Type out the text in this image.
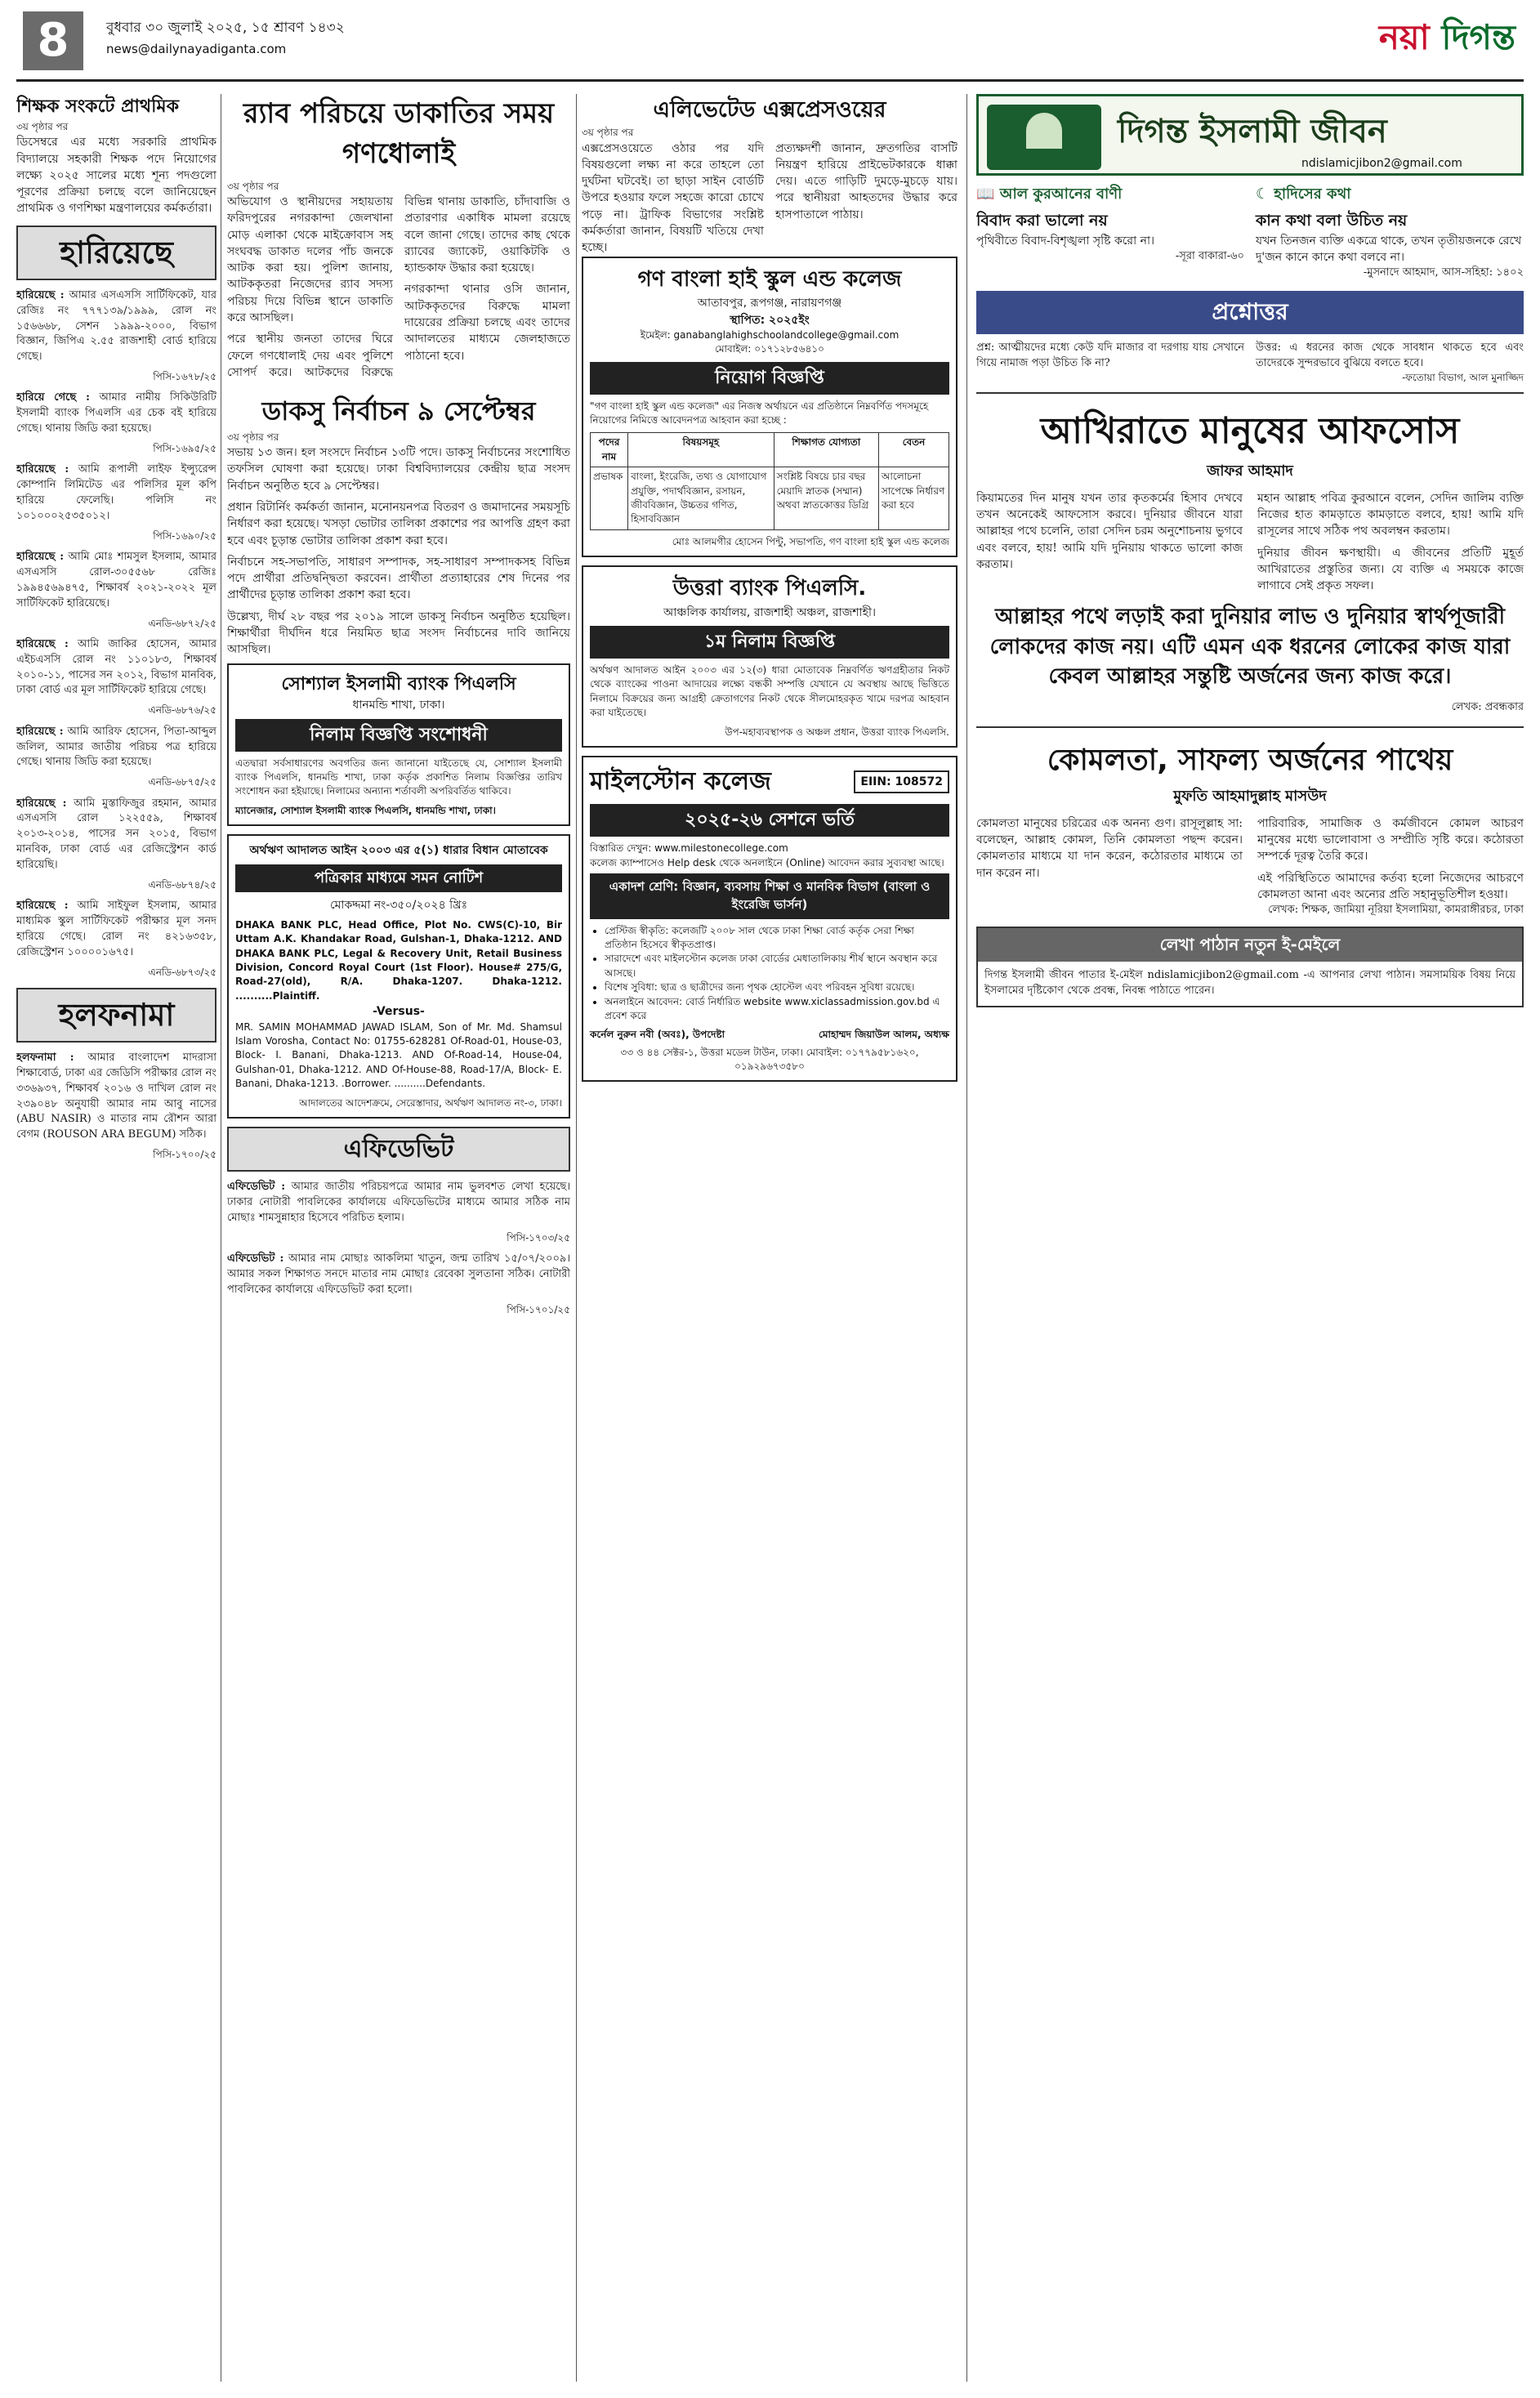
8	বুধবার ৩০ জুলাই ২০২৫, ১৫ শ্রাবণ ১৪৩২
news@dailynayadiganta.com	নয়া দিগন্ত
শিক্ষক সংকটে প্রাথমিক
৩য় পৃষ্ঠার পর

ডিসেম্বরে এর মধ্যে সরকারি প্রাথমিক বিদ্যালয়ে সহকারী শিক্ষক পদে নিয়োগের লক্ষ্যে ২০২৫ সালের মধ্যে শূন্য পদগুলো পূরণের প্রক্রিয়া চলছে বলে জানিয়েছেন প্রাথমিক ও গণশিক্ষা মন্ত্রণালয়ের কর্মকর্তারা।

হারিয়েছে

হারিয়েছে : আমার এসএসসি সার্টিফিকেট, যার রেজিঃ নং ৭৭৭১৩৯/১৯৯৯, রোল নং ১৫৬৬৬৮, সেশন ১৯৯৯-২০০০, বিভাগ বিজ্ঞান, জিপিএ ২.৫৫ রাজশাহী বোর্ড হারিয়ে গেছে।

পিসি-১৬৭৮/২৫

হারিয়ে গেছে : আমার নামীয় সিকিউরিটি ইসলামী ব্যাংক পিএলসি এর চেক বই হারিয়ে গেছে। থানায় জিডি করা হয়েছে।

পিসি-১৬৯৫/২৫

হারিয়েছে : আমি রূপালী লাইফ ইন্স্যুরেন্স কোম্পানি লিমিটেড এর পলিসির মূল কপি হারিয়ে ফেলেছি। পলিসি নং ১০১০০০২৫৩৫০১২।

পিসি-১৬৯০/২৫

হারিয়েছে : আমি মোঃ শামসুল ইসলাম, আমার এসএসসি রোল-৩০৫৫৬৮ রেজিঃ ১৯৯৪৫৬৯৪৭৫, শিক্ষাবর্ষ ২০২১-২০২২ মূল সার্টিফিকেট হারিয়েছে।

এনডি-৬৮৭২/২৫

হারিয়েছে : আমি জাকির হোসেন, আমার এইচএসসি রোল নং ১১০১৮৩, শিক্ষাবর্ষ ২০১০-১১, পাসের সন ২০১২, বিভাগ মানবিক, ঢাকা বোর্ড এর মূল সার্টিফিকেট হারিয়ে গেছে।

এনডি-৬৮৭৬/২৫

হারিয়েছে : আমি আরিফ হোসেন, পিতা-আব্দুল জলিল, আমার জাতীয় পরিচয় পত্র হারিয়ে গেছে। থানায় জিডি করা হয়েছে।

এনডি-৬৮৭৫/২৫

হারিয়েছে : আমি মুস্তাফিজুর রহমান, আমার এসএসসি রোল ১২২৫৫৯, শিক্ষাবর্ষ ২০১৩-২০১৪, পাসের সন ২০১৫, বিভাগ মানবিক, ঢাকা বোর্ড এর রেজিস্ট্রেশন কার্ড হারিয়েছি।

এনডি-৬৮৭৪/২৫

হারিয়েছে : আমি সাইফুল ইসলাম, আমার মাধ্যমিক স্কুল সার্টিফিকেট পরীক্ষার মূল সনদ হারিয়ে গেছে। রোল নং ৪২১৬৩৫৮, রেজিস্ট্রেশন ১০০০০১৬৭৫।

এনডি-৬৮৭৩/২৫
হলফনামা

হলফনামা : আমার বাংলাদেশ মাদরাসা শিক্ষাবোর্ড, ঢাকা এর জেডিসি পরীক্ষার রোল নং ৩৩৬৯৩৭, শিক্ষাবর্ষ ২০১৬ ও দাখিল রোল নং ২৩৯০৪৮ অনুযায়ী আমার নাম আবু নাসের (ABU NASIR) ও মাতার নাম রৌশন আরা বেগম (ROUSON ARA BEGUM) সঠিক।

পিসি-১৭০০/২৫
র‍্যাব পরিচয়ে ডাকাতির সময় গণধোলাই
৩য় পৃষ্ঠার পর

অভিযোগ ও স্থানীয়দের সহায়তায় ফরিদপুরের নগরকান্দা জেলখানা মোড় এলাকা থেকে মাইক্রোবাস সহ সংঘবদ্ধ ডাকাত দলের পাঁচ জনকে আটক করা হয়। পুলিশ জানায়, আটককৃতরা নিজেদের র‍্যাব সদস্য পরিচয় দিয়ে বিভিন্ন স্থানে ডাকাতি করে আসছিল।

পরে স্থানীয় জনতা তাদের ঘিরে ফেলে গণধোলাই দেয় এবং পুলিশে সোপর্দ করে। আটকদের বিরুদ্ধে বিভিন্ন থানায় ডাকাতি, চাঁদাবাজি ও প্রতারণার একাধিক মামলা রয়েছে বলে জানা গেছে। তাদের কাছ থেকে র‍্যাবের জ্যাকেট, ওয়াকিটকি ও হ্যান্ডকাফ উদ্ধার করা হয়েছে।

নগরকান্দা থানার ওসি জানান, আটককৃতদের বিরুদ্ধে মামলা দায়েরের প্রক্রিয়া চলছে এবং তাদের আদালতের মাধ্যমে জেলহাজতে পাঠানো হবে।

ডাকসু নির্বাচন ৯ সেপ্টেম্বর
৩য় পৃষ্ঠার পর

সভায় ১৩ জন। হল সংসদে নির্বাচন ১৩টি পদে। ডাকসু নির্বাচনের সংশোধিত তফসিল ঘোষণা করা হয়েছে। ঢাকা বিশ্ববিদ্যালয়ের কেন্দ্রীয় ছাত্র সংসদ নির্বাচন অনুষ্ঠিত হবে ৯ সেপ্টেম্বর।

প্রধান রিটার্নিং কর্মকর্তা জানান, মনোনয়নপত্র বিতরণ ও জমাদানের সময়সূচি নির্ধারণ করা হয়েছে। খসড়া ভোটার তালিকা প্রকাশের পর আপত্তি গ্রহণ করা হবে এবং চূড়ান্ত ভোটার তালিকা প্রকাশ করা হবে।

নির্বাচনে সহ-সভাপতি, সাধারণ সম্পাদক, সহ-সাধারণ সম্পাদকসহ বিভিন্ন পদে প্রার্থীরা প্রতিদ্বন্দ্বিতা করবেন। প্রার্থীতা প্রত্যাহারের শেষ দিনের পর প্রার্থীদের চূড়ান্ত তালিকা প্রকাশ করা হবে।

উল্লেখ্য, দীর্ঘ ২৮ বছর পর ২০১৯ সালে ডাকসু নির্বাচন অনুষ্ঠিত হয়েছিল। শিক্ষার্থীরা দীর্ঘদিন ধরে নিয়মিত ছাত্র সংসদ নির্বাচনের দাবি জানিয়ে আসছিল।

সোশ্যাল ইসলামী ব্যাংক পিএলসি
ধানমন্ডি শাখা, ঢাকা।
নিলাম বিজ্ঞপ্তি সংশোধনী

এতদ্বারা সর্বসাধারণের অবগতির জন্য জানানো যাইতেছে যে, সোশ্যাল ইসলামী ব্যাংক পিএলসি, ধানমন্ডি শাখা, ঢাকা কর্তৃক প্রকাশিত নিলাম বিজ্ঞপ্তির তারিখ সংশোধন করা হইয়াছে। নিলামের অন্যান্য শর্তাবলী অপরিবর্তিত থাকিবে।

ম্যানেজার, সোশ্যাল ইসলামী ব্যাংক পিএলসি, ধানমন্ডি শাখা, ঢাকা।
অর্থঋণ আদালত আইন ২০০৩ এর ৫(১) ধারার বিধান মোতাবেক
পত্রিকার মাধ্যমে সমন নোটিশ
মোকদ্দমা নং-৩৫০/২০২৪ খ্রিঃ

DHAKA BANK PLC, Head Office, Plot No. CWS(C)-10, Bir Uttam A.K. Khandakar Road, Gulshan-1, Dhaka-1212. AND DHAKA BANK PLC, Legal & Recovery Unit, Retail Business Division, Concord Royal Court (1st Floor). House# 275/G, Road-27(old), R/A. Dhaka-1207. Dhaka-1212. ..........Plaintiff.

-Versus-

MR. SAMIN MOHAMMAD JAWAD ISLAM, Son of Mr. Md. Shamsul Islam Vorosha, Contact No: 01755-628281 Of-Road-01, House-03, Block- I. Banani, Dhaka-1213. AND Of-Road-14, House-04, Gulshan-01, Dhaka-1212. AND Of-House-88, Road-17/A, Block- E. Banani, Dhaka-1213. .Borrower. ..........Defendants.

আদালতের আদেশক্রমে, সেরেস্তাদার, অর্থঋণ আদালত নং-৩, ঢাকা।
এফিডেভিট

এফিডেভিট : আমার জাতীয় পরিচয়পত্রে আমার নাম ভুলবশত লেখা হয়েছে। ঢাকার নোটারী পাবলিকের কার্যালয়ে এফিডেভিটের মাধ্যমে আমার সঠিক নাম মোছাঃ শামসুন্নাহার হিসেবে পরিচিত হলাম।

পিসি-১৭০৩/২৫

এফিডেভিট : আমার নাম মোছাঃ আকলিমা খাতুন, জন্ম তারিখ ১৫/০৭/২০০৯। আমার সকল শিক্ষাগত সনদে মাতার নাম মোছাঃ রেবেকা সুলতানা সঠিক। নোটারী পাবলিকের কার্যালয়ে এফিডেভিট করা হলো।

পিসি-১৭০১/২৫
এলিভেটেড এক্সপ্রেসওয়ের
৩য় পৃষ্ঠার পর

এক্সপ্রেসওয়েতে ওঠার পর যদি বিষয়গুলো লক্ষ্য না করে তাহলে তো দুর্ঘটনা ঘটবেই। তা ছাড়া সাইন বোর্ডটি উপরে হওয়ার ফলে সহজে কারো চোখে পড়ে না। ট্রাফিক বিভাগের সংশ্লিষ্ট কর্মকর্তারা জানান, বিষয়টি খতিয়ে দেখা হচ্ছে।

প্রত্যক্ষদর্শী জানান, দ্রুতগতির বাসটি নিয়ন্ত্রণ হারিয়ে প্রাইভেটকারকে ধাক্কা দেয়। এতে গাড়িটি দুমড়ে-মুচড়ে যায়। পরে স্থানীয়রা আহতদের উদ্ধার করে হাসপাতালে পাঠায়।

গণ বাংলা হাই স্কুল এন্ড কলেজ
আতাবপুর, রূপগঞ্জ, নারায়ণগঞ্জ
স্থাপিত: ২০২৫ইং
ইমেইল: ganabanglahighschoolandcollege@gmail.com
মোবাইল: ০১৭১২৮৫৬৪১০
নিয়োগ বিজ্ঞপ্তি

"গণ বাংলা হাই স্কুল এন্ড কলেজ" এর নিজস্ব অর্থায়নে এর প্রতিষ্ঠানে নিম্নবর্ণিত পদসমূহে নিয়োগের নিমিত্তে আবেদনপত্র আহবান করা হচ্ছে :

পদের নাম	বিষয়সমূহ	শিক্ষাগত যোগ্যতা	বেতন
প্রভাষক	বাংলা, ইংরেজি, তথ্য ও যোগাযোগ প্রযুক্তি, পদার্থবিজ্ঞান, রসায়ন, জীববিজ্ঞান, উচ্চতর গণিত, হিসাববিজ্ঞান	সংশ্লিষ্ট বিষয়ে চার বছর মেয়াদি স্নাতক (সম্মান) অথবা স্নাতকোত্তর ডিগ্রি	আলোচনা সাপেক্ষে নির্ধারণ করা হবে
মোঃ আলমগীর হোসেন পিন্টু, সভাপতি, গণ বাংলা হাই স্কুল এন্ড কলেজ
উত্তরা ব্যাংক পিএলসি.
আঞ্চলিক কার্যালয়, রাজশাহী অঞ্চল, রাজশাহী।
১ম নিলাম বিজ্ঞপ্তি

অর্থঋণ আদালত আইন ২০০৩ এর ১২(৩) ধারা মোতাবেক নিম্নবর্ণিত ঋণগ্রহীতার নিকট থেকে ব্যাংকের পাওনা আদায়ের লক্ষ্যে বন্ধকী সম্পত্তি যেখানে যে অবস্থায় আছে ভিত্তিতে নিলামে বিক্রয়ের জন্য আগ্রহী ক্রেতাগণের নিকট থেকে সীলমোহরকৃত খামে দরপত্র আহবান করা যাইতেছে।

উপ-মহাব্যবস্থাপক ও অঞ্চল প্রধান, উত্তরা ব্যাংক পিএলসি.
মাইলস্টোন কলেজ	EIIN: 108572
২০২৫-২৬ সেশনে ভর্তি
বিস্তারিত দেখুন: www.milestonecollege.com
কলেজ ক্যাম্পাসেও Help desk থেকে অনলাইনে (Online) আবেদন করার সুব্যবস্থা আছে।
একাদশ শ্রেণি: বিজ্ঞান, ব্যবসায় শিক্ষা ও মানবিক বিভাগ (বাংলা ও ইংরেজি ভার্সন)
• প্রেস্টিজ স্বীকৃতি: কলেজটি ২০০৮ সাল থেকে ঢাকা শিক্ষা বোর্ড কর্তৃক সেরা শিক্ষা প্রতিষ্ঠান হিসেবে স্বীকৃতপ্রাপ্ত।
• সারাদেশে এবং মাইলস্টোন কলেজ ঢাকা বোর্ডের মেধাতালিকায় শীর্ষ স্থানে অবস্থান করে আসছে।
• বিশেষ সুবিধা: ছাত্র ও ছাত্রীদের জন্য পৃথক হোস্টেল এবং পরিবহন সুবিধা রয়েছে।
• অনলাইনে আবেদন: বোর্ড নির্ধারিত website www.xiclassadmission.gov.bd এ প্রবেশ করে
কর্নেল নুরুন নবী (অবঃ), উপদেষ্টা	মোহাম্মদ জিয়াউল আলম, অধ্যক্ষ
৩৩ ও ৪৪ সেক্টর-১, উত্তরা মডেল টাউন, ঢাকা। মোবাইল: ০১৭৭৯৫৮১৬২০, ০১৯২৯৬৭৩৫৮০
দিগন্ত ইসলামী জীবন
ndislamicjibon2@gmail.com
📖 আল কুরআনের বাণী
বিবাদ করা ভালো নয়
পৃথিবীতে বিবাদ-বিশৃঙ্খলা সৃষ্টি করো না।
-সূরা বাকারা-৬০
☾ হাদিসের কথা
কান কথা বলা উচিত নয়
যখন তিনজন ব্যক্তি একত্রে থাকে, তখন তৃতীয়জনকে রেখে দু'জন কানে কানে কথা বলবে না।
-মুসনাদে আহমাদ, আস-সহিহা: ১৪০২
প্রশ্নোত্তর
প্রশ্ন: আত্মীয়দের মধ্যে কেউ যদি মাজার বা দরগায় যায় সেখানে গিয়ে নামাজ পড়া উচিত কি না?
উত্তর: এ ধরনের কাজ থেকে সাবধান থাকতে হবে এবং তাদেরকে সুন্দরভাবে বুঝিয়ে বলতে হবে।
-ফতোয়া বিভাগ, আল মুনাজ্জিদ
আখিরাতে মানুষের আফসোস
জাফর আহমাদ

কিয়ামতের দিন মানুষ যখন তার কৃতকর্মের হিসাব দেখবে তখন অনেকেই আফসোস করবে। দুনিয়ার জীবনে যারা আল্লাহর পথে চলেনি, তারা সেদিন চরম অনুশোচনায় ভুগবে এবং বলবে, হায়! আমি যদি দুনিয়ায় থাকতে ভালো কাজ করতাম।

মহান আল্লাহ পবিত্র কুরআনে বলেন, সেদিন জালিম ব্যক্তি নিজের হাত কামড়াতে কামড়াতে বলবে, হায়! আমি যদি রাসূলের সাথে সঠিক পথ অবলম্বন করতাম।

দুনিয়ার জীবন ক্ষণস্থায়ী। এ জীবনের প্রতিটি মুহূর্ত আখিরাতের প্রস্তুতির জন্য। যে ব্যক্তি এ সময়কে কাজে লাগাবে সেই প্রকৃত সফল।

আল্লাহর পথে লড়াই করা দুনিয়ার লাভ ও দুনিয়ার স্বার্থপূজারী লোকদের কাজ নয়। এটি এমন এক ধরনের লোকের কাজ যারা কেবল আল্লাহর সন্তুষ্টি অর্জনের জন্য কাজ করে।
লেখক: প্রবন্ধকার
কোমলতা, সাফল্য অর্জনের পাথেয়
মুফতি আহমাদুল্লাহ মাসউদ

কোমলতা মানুষের চরিত্রের এক অনন্য গুণ। রাসূলুল্লাহ সা: বলেছেন, আল্লাহ কোমল, তিনি কোমলতা পছন্দ করেন। কোমলতার মাধ্যমে যা দান করেন, কঠোরতার মাধ্যমে তা দান করেন না।

পারিবারিক, সামাজিক ও কর্মজীবনে কোমল আচরণ মানুষের মধ্যে ভালোবাসা ও সম্প্রীতি সৃষ্টি করে। কঠোরতা সম্পর্কে দূরত্ব তৈরি করে।

এই পরিস্থিতিতে আমাদের কর্তব্য হলো নিজেদের আচরণে কোমলতা আনা এবং অন্যের প্রতি সহানুভূতিশীল হওয়া।

লেখক: শিক্ষক, জামিয়া নূরিয়া ইসলামিয়া, কামরাঙ্গীরচর, ঢাকা
লেখা পাঠান নতুন ই-মেইলে
দিগন্ত ইসলামী জীবন পাতার ই-মেইল ndislamicjibon2@gmail.com -এ আপনার লেখা পাঠান। সমসাময়িক বিষয় নিয়ে ইসলামের দৃষ্টিকোণ থেকে প্রবন্ধ, নিবন্ধ পাঠাতে পারেন।
